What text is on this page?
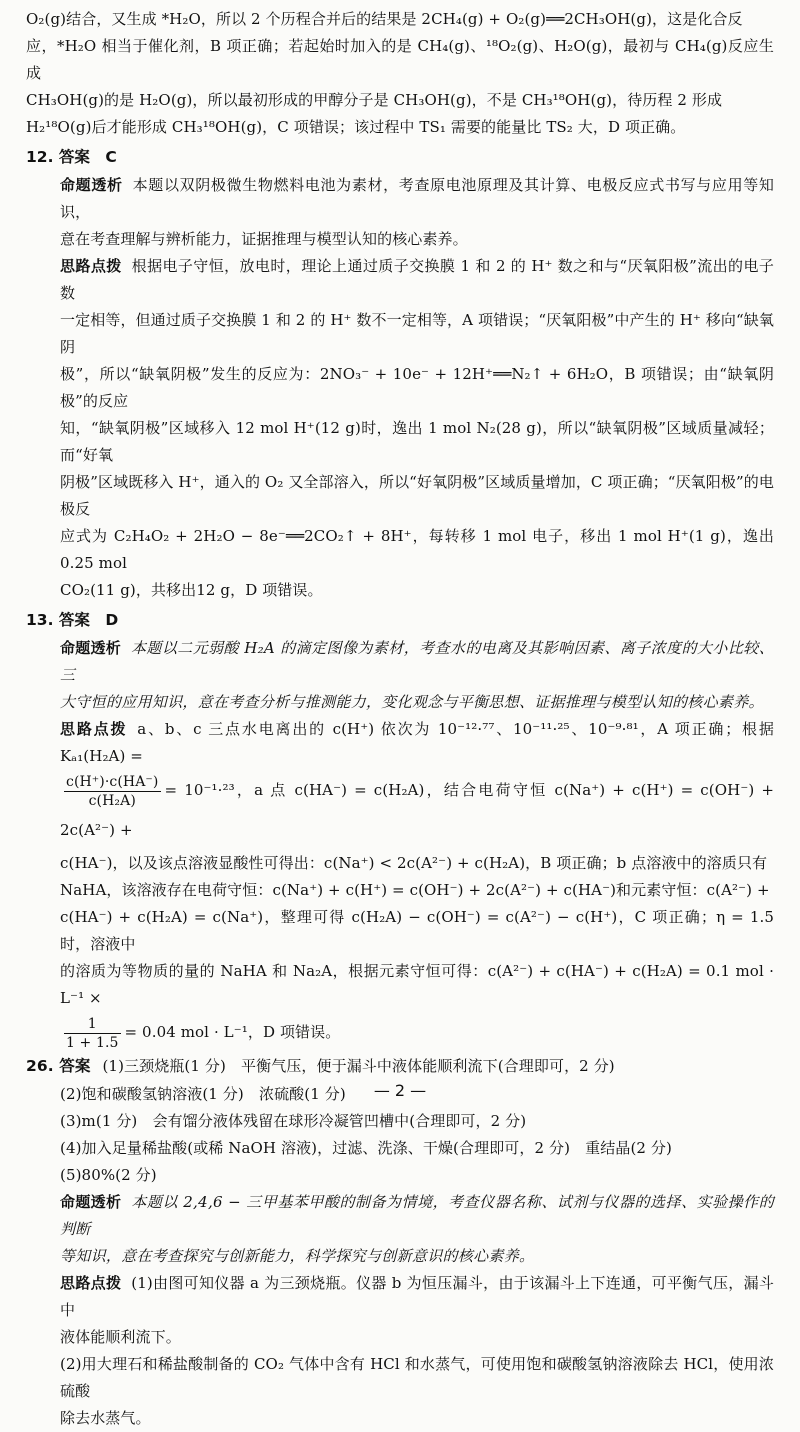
O₂(g)结合，又生成 *H₂O，所以 2 个历程合并后的结果是 2CH₄(g) + O₂(g)══2CH₃OH(g)，这是化合反

应，*H₂O 相当于催化剂，B 项正确；若起始时加入的是 CH₄(g)、¹⁸O₂(g)、H₂O(g)，最初与 CH₄(g)反应生成

CH₃OH(g)的是 H₂O(g)，所以最初形成的甲醇分子是 CH₃OH(g)，不是 CH₃¹⁸OH(g)，待历程 2 形成

H₂¹⁸O(g)后才能形成 CH₃¹⁸OH(g)，C 项错误；该过程中 TS₁ 需要的能量比 TS₂ 大，D 项正确。

12. 答案　C

命题透析 本题以双阴极微生物燃料电池为素材，考查原电池原理及其计算、电极反应式书写与应用等知识，

意在考查理解与辨析能力，证据推理与模型认知的核心素养。

思路点拨 根据电子守恒，放电时，理论上通过质子交换膜 1 和 2 的 H⁺ 数之和与“厌氧阳极”流出的电子数

一定相等，但通过质子交换膜 1 和 2 的 H⁺ 数不一定相等，A 项错误；“厌氧阳极”中产生的 H⁺ 移向“缺氧阴

极”，所以“缺氧阴极”发生的反应为：2NO₃⁻ + 10e⁻ + 12H⁺══N₂↑ + 6H₂O，B 项错误；由“缺氧阴极”的反应

知，“缺氧阴极”区域移入 12 mol H⁺(12 g)时，逸出 1 mol N₂(28 g)，所以“缺氧阴极”区域质量减轻；而“好氧

阴极”区域既移入 H⁺，通入的 O₂ 又全部溶入，所以“好氧阴极”区域质量增加，C 项正确；“厌氧阳极”的电极反

应式为 C₂H₄O₂ + 2H₂O − 8e⁻══2CO₂↑ + 8H⁺，每转移 1 mol 电子，移出 1 mol H⁺(1 g)，逸出 0.25 mol

CO₂(11 g)，共移出12 g，D 项错误。

13. 答案　D

命题透析 本题以二元弱酸 H₂A 的滴定图像为素材，考查水的电离及其影响因素、离子浓度的大小比较、三

大守恒的应用知识，意在考查分析与推测能力，变化观念与平衡思想、证据推理与模型认知的核心素养。

思路点拨 a、b、c 三点水电离出的 c(H⁺) 依次为 10⁻¹²·⁷⁷、10⁻¹¹·²⁵、10⁻⁹·⁸¹，A 项正确；根据 Kₐ₁(H₂A) =

$\frac{c(H^+)\cdot c(HA^-)}{\text{c(H₂A)}} = 10^{-1}\cdot^{23}$，a 点 c(HA⁻) = c(H₂A)，结合电荷守恒 c(Na⁺) + c(H⁺) = c(OH⁻) + 2c(A²⁻) +

c(HA⁻)，以及该点溶液显酸性可得出：c(Na⁺) < 2c(A²⁻) + c(H₂A)，B 项正确；b 点溶液中的溶质只有

NaHA，该溶液存在电荷守恒：c(Na⁺) + c(H⁺) = c(OH⁻) + 2c(A²⁻) + c(HA⁻)和元素守恒：c(A²⁻) +

c(HA⁻) + c(H₂A) = c(Na⁺)，整理可得 c(H₂A) − c(OH⁻) = c(A²⁻) − c(H⁺)，C 项正确；η = 1.5 时，溶液中

的溶质为等物质的量的 NaHA 和 Na₂A，根据元素守恒可得：c(A²⁻) + c(HA⁻) + c(H₂A) = 0.1 mol · L⁻¹ ×

$\frac{1}{1 + 1.5} = 0.04$ mol · L⁻¹，D 项错误。

26. 答案 (1)三颈烧瓶(1 分)　平衡气压，便于漏斗中液体能顺利流下(合理即可，2 分)

(2)饱和碳酸氢钠溶液(1 分)　浓硫酸(1 分)

(3)m(1 分)　会有馏分液体残留在球形冷凝管凹槽中(合理即可，2 分)

(4)加入足量稀盐酸(或稀 NaOH 溶液)，过滤、洗涤、干燥(合理即可，2 分)　重结晶(2 分)

(5)80%(2 分)

命题透析 本题以 2,4,6 − 三甲基苯甲酸的制备为情境，考查仪器名称、试剂与仪器的选择、实验操作的判断

等知识，意在考查探究与创新能力，科学探究与创新意识的核心素养。

思路点拨 (1)由图可知仪器 a 为三颈烧瓶。仪器 b 为恒压漏斗，由于该漏斗上下连通，可平衡气压，漏斗中

液体能顺利流下。

(2)用大理石和稀盐酸制备的 CO₂ 气体中含有 HCl 和水蒸气，可使用饱和碳酸氢钠溶液除去 HCl，使用浓硫酸

除去水蒸气。

— 2 —
